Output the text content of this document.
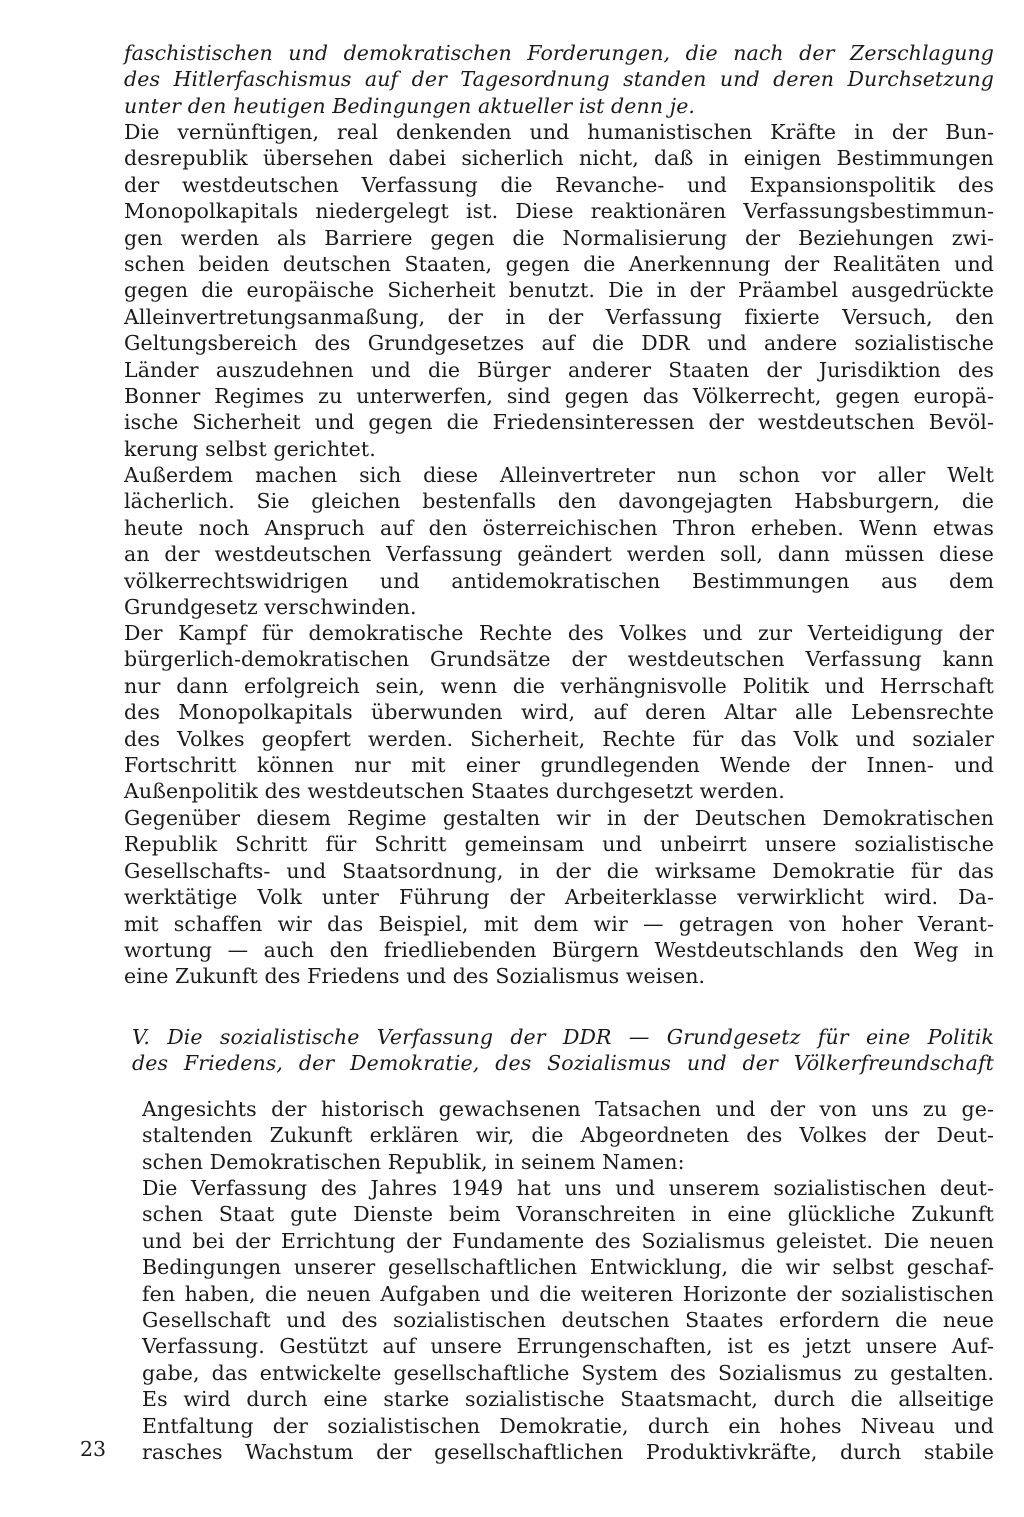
faschistischen und demokratischen Forderungen, die nach der Zerschlagung
des Hitlerfaschismus auf der Tagesordnung standen und deren Durchsetzung
unter den heutigen Bedingungen aktueller ist denn je.
Die vernünftigen, real denkenden und humanistischen Kräfte in der Bun-
desrepublik übersehen dabei sicherlich nicht, daß in einigen Bestimmungen
der westdeutschen Verfassung die Revanche- und Expansionspolitik des
Monopolkapitals niedergelegt ist. Diese reaktionären Verfassungsbestimmun-
gen werden als Barriere gegen die Normalisierung der Beziehungen zwi-
schen beiden deutschen Staaten, gegen die Anerkennung der Realitäten und
gegen die europäische Sicherheit benutzt. Die in der Präambel ausgedrückte
Alleinvertretungsanmaßung, der in der Verfassung fixierte Versuch, den
Geltungsbereich des Grundgesetzes auf die DDR und andere sozialistische
Länder auszudehnen und die Bürger anderer Staaten der Jurisdiktion des
Bonner Regimes zu unterwerfen, sind gegen das Völkerrecht, gegen europä-
ische Sicherheit und gegen die Friedensinteressen der westdeutschen Bevöl-
kerung selbst gerichtet.
Außerdem machen sich diese Alleinvertreter nun schon vor aller Welt
lächerlich. Sie gleichen bestenfalls den davongejagten Habsburgern, die
heute noch Anspruch auf den österreichischen Thron erheben. Wenn etwas
an der westdeutschen Verfassung geändert werden soll, dann müssen diese
völkerrechtswidrigen und antidemokratischen Bestimmungen aus dem
Grundgesetz verschwinden.
Der Kampf für demokratische Rechte des Volkes und zur Verteidigung der
bürgerlich-demokratischen Grundsätze der westdeutschen Verfassung kann
nur dann erfolgreich sein, wenn die verhängnisvolle Politik und Herrschaft
des Monopolkapitals überwunden wird, auf deren Altar alle Lebensrechte
des Volkes geopfert werden. Sicherheit, Rechte für das Volk und sozialer
Fortschritt können nur mit einer grundlegenden Wende der Innen- und
Außenpolitik des westdeutschen Staates durchgesetzt werden.
Gegenüber diesem Regime gestalten wir in der Deutschen Demokratischen
Republik Schritt für Schritt gemeinsam und unbeirrt unsere sozialistische
Gesellschafts- und Staatsordnung, in der die wirksame Demokratie für das
werktätige Volk unter Führung der Arbeiterklasse verwirklicht wird. Da-
mit schaffen wir das Beispiel, mit dem wir — getragen von hoher Verant-
wortung — auch den friedliebenden Bürgern Westdeutschlands den Weg in
eine Zukunft des Friedens und des Sozialismus weisen.
V. Die sozialistische Verfassung der DDR — Grundgesetz für eine Politik
des Friedens, der Demokratie, des Sozialismus und der Völkerfreundschaft
Angesichts der historisch gewachsenen Tatsachen und der von uns zu ge-
staltenden Zukunft erklären wir, die Abgeordneten des Volkes der Deut-
schen Demokratischen Republik, in seinem Namen:
Die Verfassung des Jahres 1949 hat uns und unserem sozialistischen deut-
schen Staat gute Dienste beim Voranschreiten in eine glückliche Zukunft
und bei der Errichtung der Fundamente des Sozialismus geleistet. Die neuen
Bedingungen unserer gesellschaftlichen Entwicklung, die wir selbst geschaf-
fen haben, die neuen Aufgaben und die weiteren Horizonte der sozialistischen
Gesellschaft und des sozialistischen deutschen Staates erfordern die neue
Verfassung. Gestützt auf unsere Errungenschaften, ist es jetzt unsere Auf-
gabe, das entwickelte gesellschaftliche System des Sozialismus zu gestalten.
Es wird durch eine starke sozialistische Staatsmacht, durch die allseitige
Entfaltung der sozialistischen Demokratie, durch ein hohes Niveau und
rasches Wachstum der gesellschaftlichen Produktivkräfte, durch stabile
23
